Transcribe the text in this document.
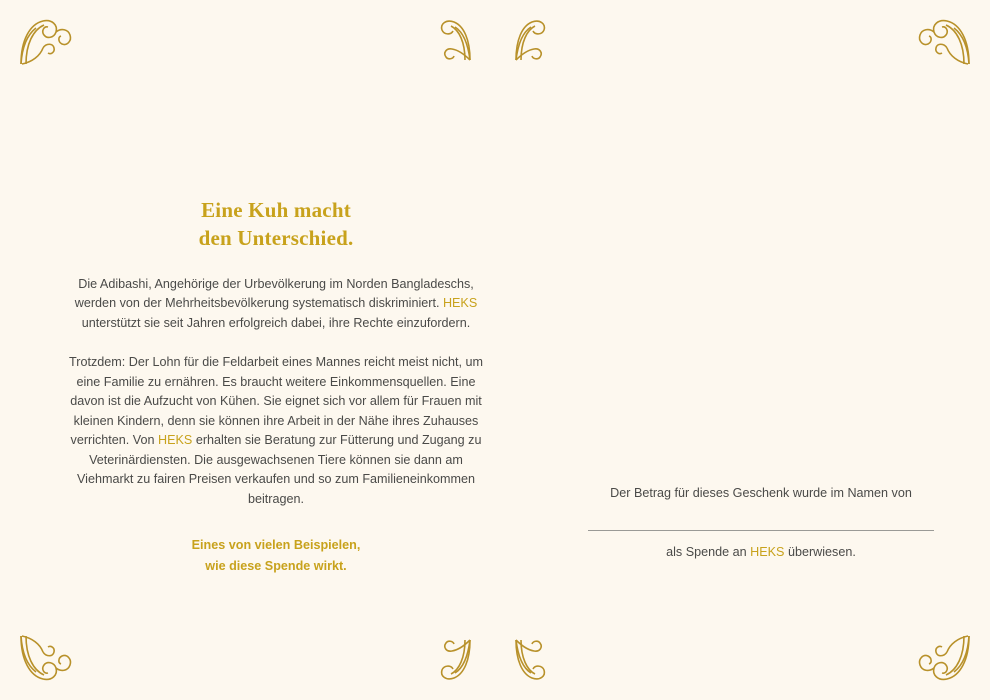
Eine Kuh macht
den Unterschied.

Die Adibashi, Angehörige der Urbevölkerung im Norden Bangladeschs, werden von der Mehrheitsbevölkerung systematisch diskriminiert. HEKS unterstützt sie seit Jahren erfolgreich dabei, ihre Rechte einzufordern.

Trotzdem: Der Lohn für die Feldarbeit eines Mannes reicht meist nicht, um eine Familie zu ernähren. Es braucht weitere Einkommensquellen. Eine davon ist die Aufzucht von Kühen. Sie eignet sich vor allem für Frauen mit kleinen Kindern, denn sie können ihre Arbeit in der Nähe ihres Zuhauses verrichten. Von HEKS erhalten sie Beratung zur Fütterung und Zugang zu Veterinärdiensten. Die ausgewachsenen Tiere können sie dann am Viehmarkt zu fairen Preisen verkaufen und so zum Familieneinkommen beitragen.

Eines von vielen Beispielen,
wie diese Spende wirkt.

Der Betrag für dieses Geschenk wurde im Namen von

als Spende an HEKS überwiesen.
